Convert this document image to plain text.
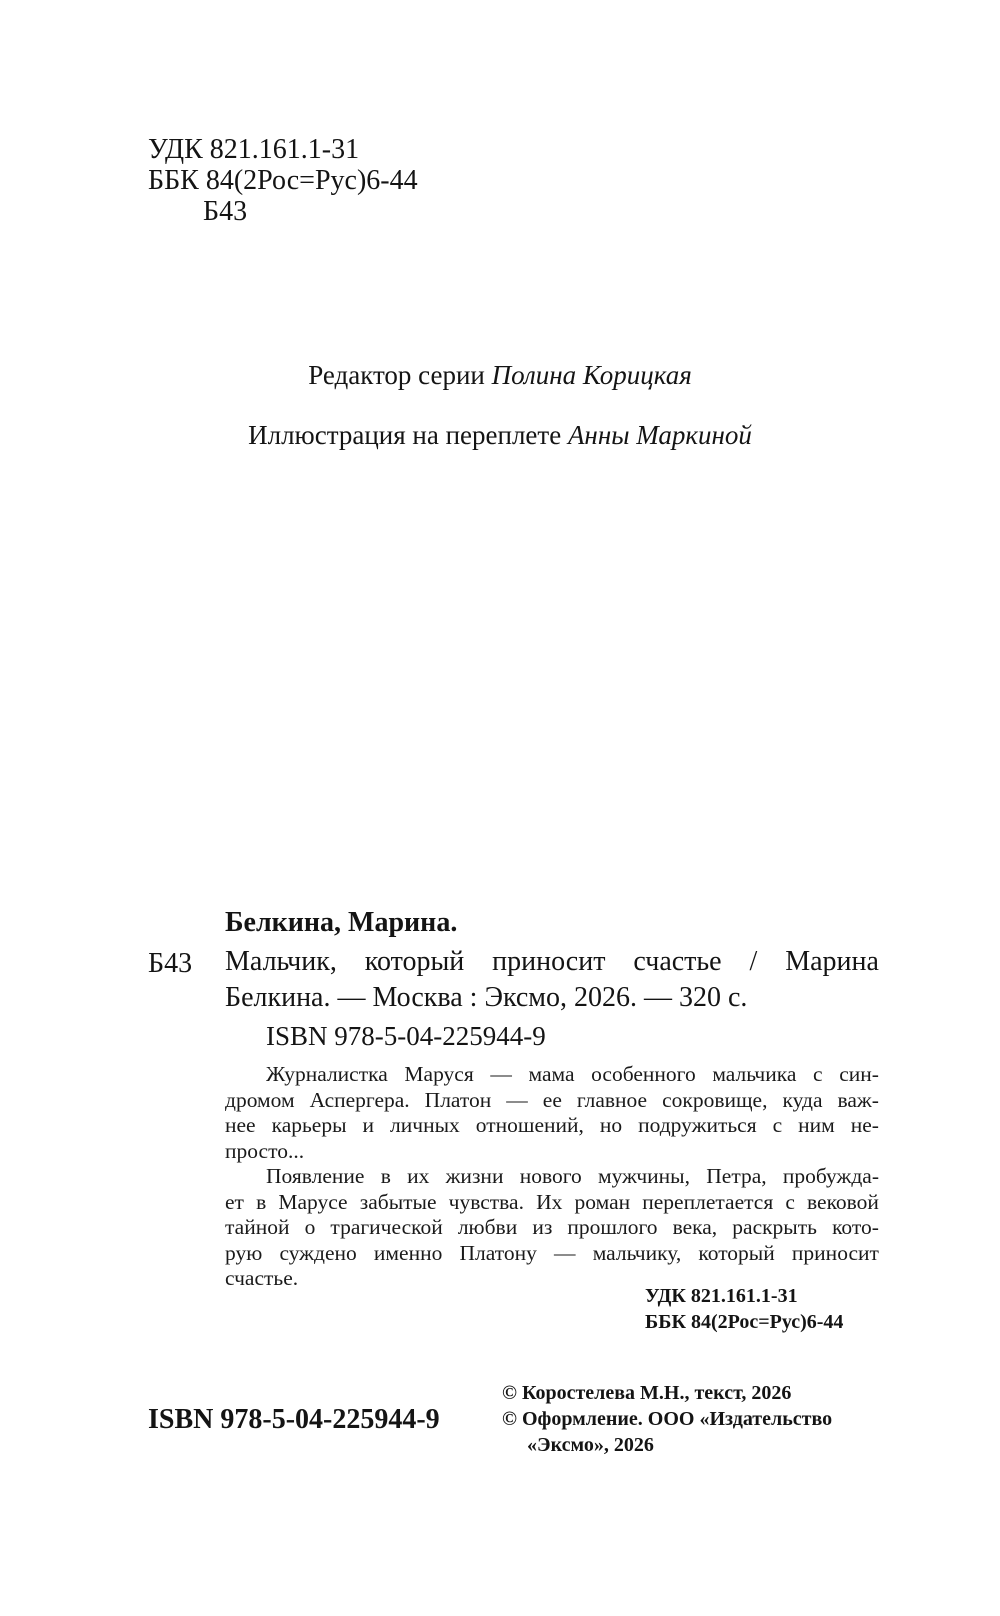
УДК 821.161.1-31
ББК 84(2Рос=Рус)6-44
Б43
Редактор серии Полина Корицкая
Иллюстрация на переплете Анны Маркиной
Белкина, Марина.
Б43 Мальчик, который приносит счастье / Марина
Белкина. — Москва : Эксмо, 2026. — 320 с.
ISBN 978-5-04-225944-9
Журналистка Маруся — мама особенного мальчика с син-
дромом Аспергера. Платон — ее главное сокровище, куда важ-
нее карьеры и личных отношений, но подружиться с ним не-
просто...
Появление в их жизни нового мужчины, Петра, пробужда-
ет в Марусе забытые чувства. Их роман переплетается с вековой
тайной о трагической любви из прошлого века, раскрыть кото-
рую суждено именно Платону — мальчику, который приносит
счастье.
УДК 821.161.1-31
ББК 84(2Рос=Рус)6-44
ISBN 978-5-04-225944-9
© Коростелева М.Н., текст, 2026
© Оформление. ООО «Издательство
«Эксмо», 2026
